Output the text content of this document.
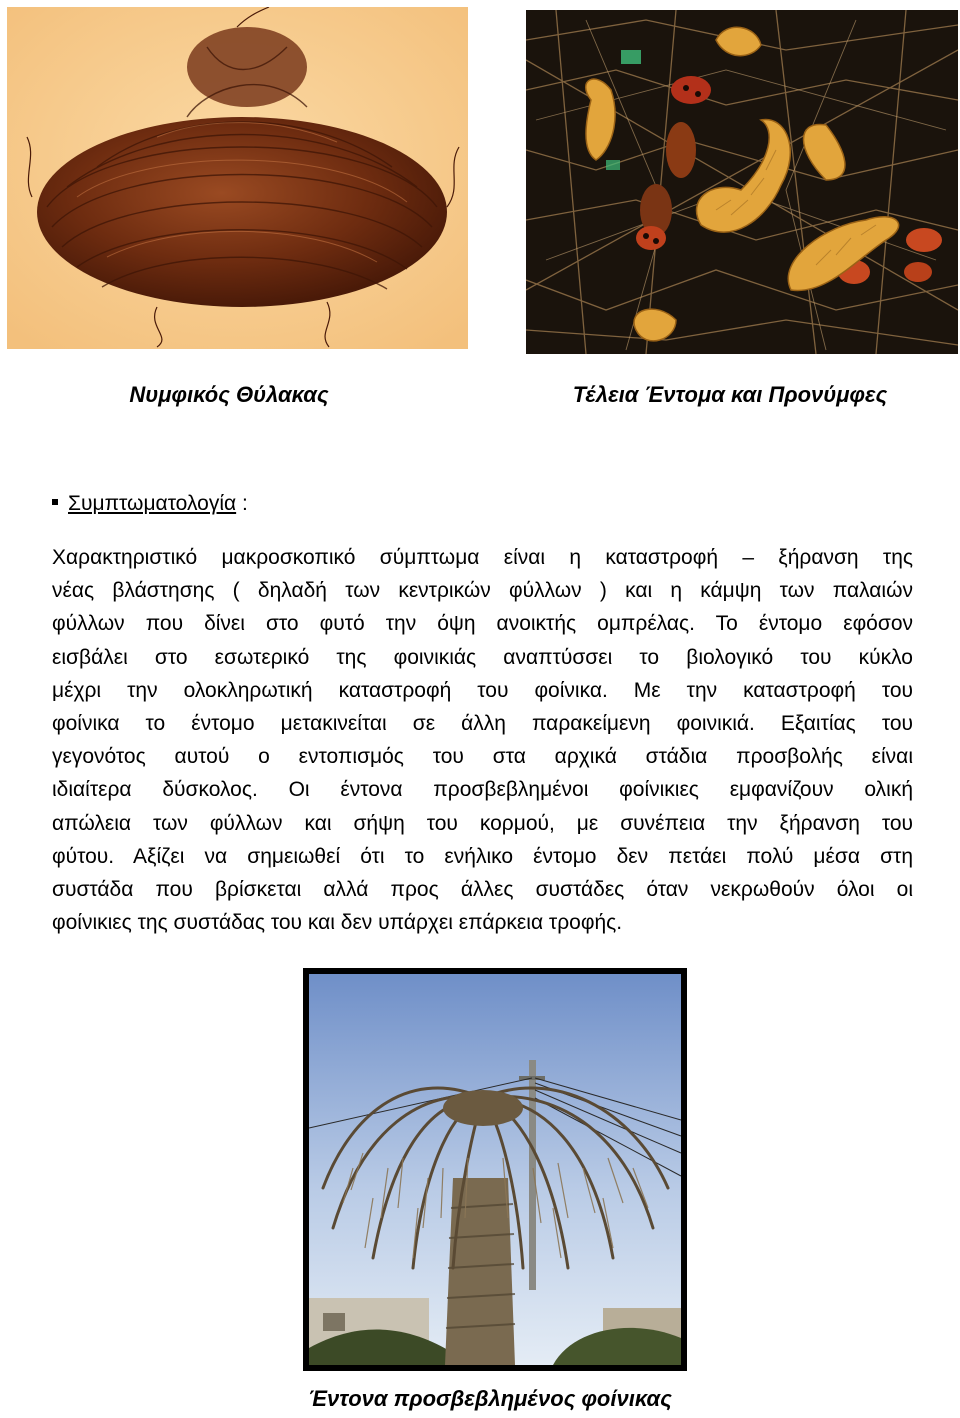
Νυμφικός Θύλακας	Τέλεια Έντομα και Προνύμφες
Συμπτωματολογία :
Χαρακτηριστικό μακροσκοπικό σύμπτωμα είναι η καταστροφή – ξήρανση της
νέας βλάστησης ( δηλαδή των κεντρικών φύλλων ) και η κάμψη των παλαιών
φύλλων που δίνει στο φυτό την όψη ανοικτής ομπρέλας. Το έντομο εφόσον
εισβάλει στο εσωτερικό της φοινικιάς αναπτύσσει το βιολογικό του κύκλο
μέχρι την ολοκληρωτική καταστροφή του φοίνικα. Με την καταστροφή του
φοίνικα το έντομο μετακινείται σε άλλη παρακείμενη φοινικιά. Εξαιτίας του
γεγονότος αυτού ο εντοπισμός του στα αρχικά στάδια προσβολής είναι
ιδιαίτερα δύσκολος. Οι έντονα προσβεβλημένοι φοίνικιες εμφανίζουν ολική
απώλεια των φύλλων και σήψη του κορμού, με συνέπεια την ξήρανση του
φύτου. Αξίζει να σημειωθεί ότι το ενήλικο έντομο δεν πετάει πολύ μέσα στη
συστάδα που βρίσκεται αλλά προς άλλες συστάδες όταν νεκρωθούν όλοι οι
φοίνικιες της συστάδας του και δεν υπάρχει επάρκεια τροφής.
Έντονα προσβεβλημένος φοίνικας
